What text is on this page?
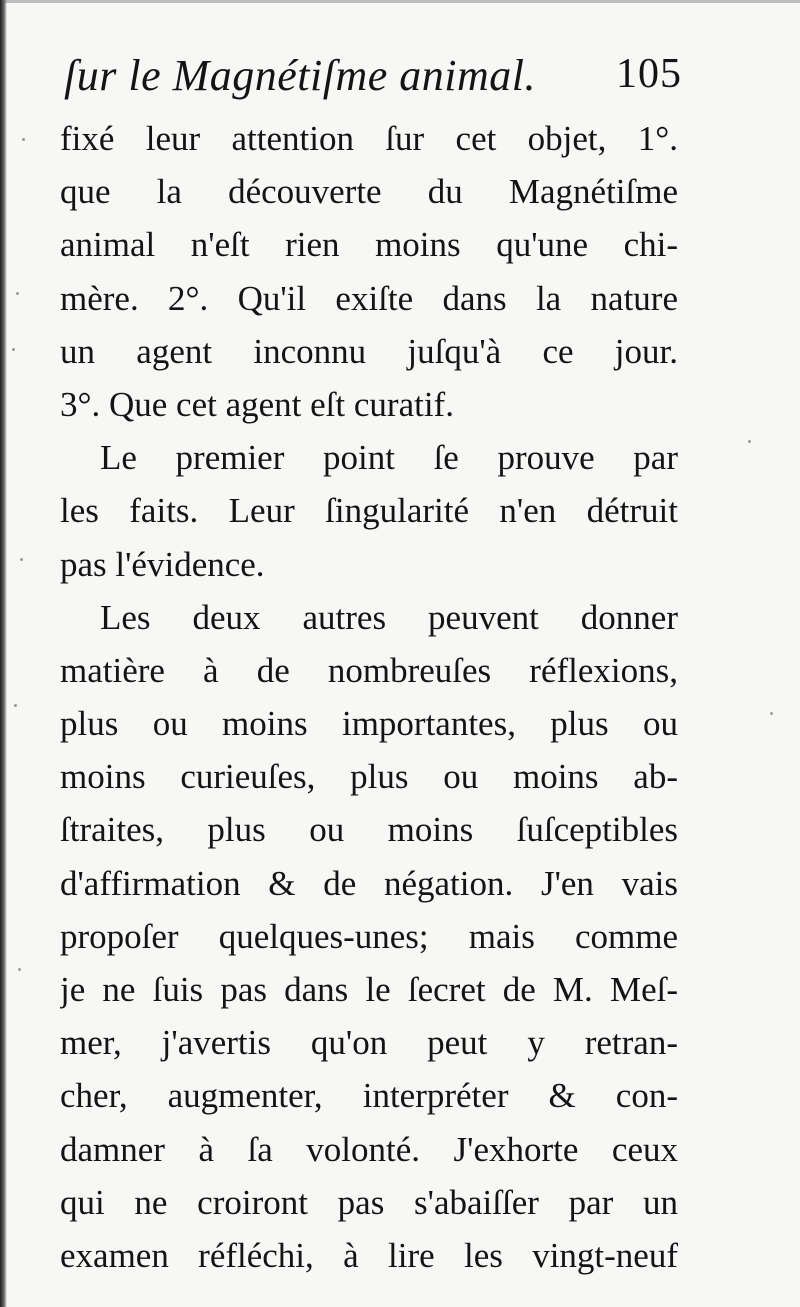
ſur le Magnétiſme animal. 105
fixé leur attention ſur cet objet, 1°.
que la découverte du Magnétiſme
animal n'eſt rien moins qu'une chi-
mère. 2°. Qu'il exiſte dans la nature
un agent inconnu juſqu'à ce jour.
3°. Que cet agent eſt curatif.
Le premier point ſe prouve par
les faits. Leur ſingularité n'en détruit
pas l'évidence.
Les deux autres peuvent donner
matière à de nombreuſes réflexions,
plus ou moins importantes, plus ou
moins curieuſes, plus ou moins ab-
ſtraites, plus ou moins ſuſceptibles
d'affirmation & de négation. J'en vais
propoſer quelques-unes; mais comme
je ne ſuis pas dans le ſecret de M. Meſ-
mer, j'avertis qu'on peut y retran-
cher, augmenter, interpréter & con-
damner à ſa volonté. J'exhorte ceux
qui ne croiront pas s'abaiſſer par un
examen réfléchi, à lire les vingt-neuf
